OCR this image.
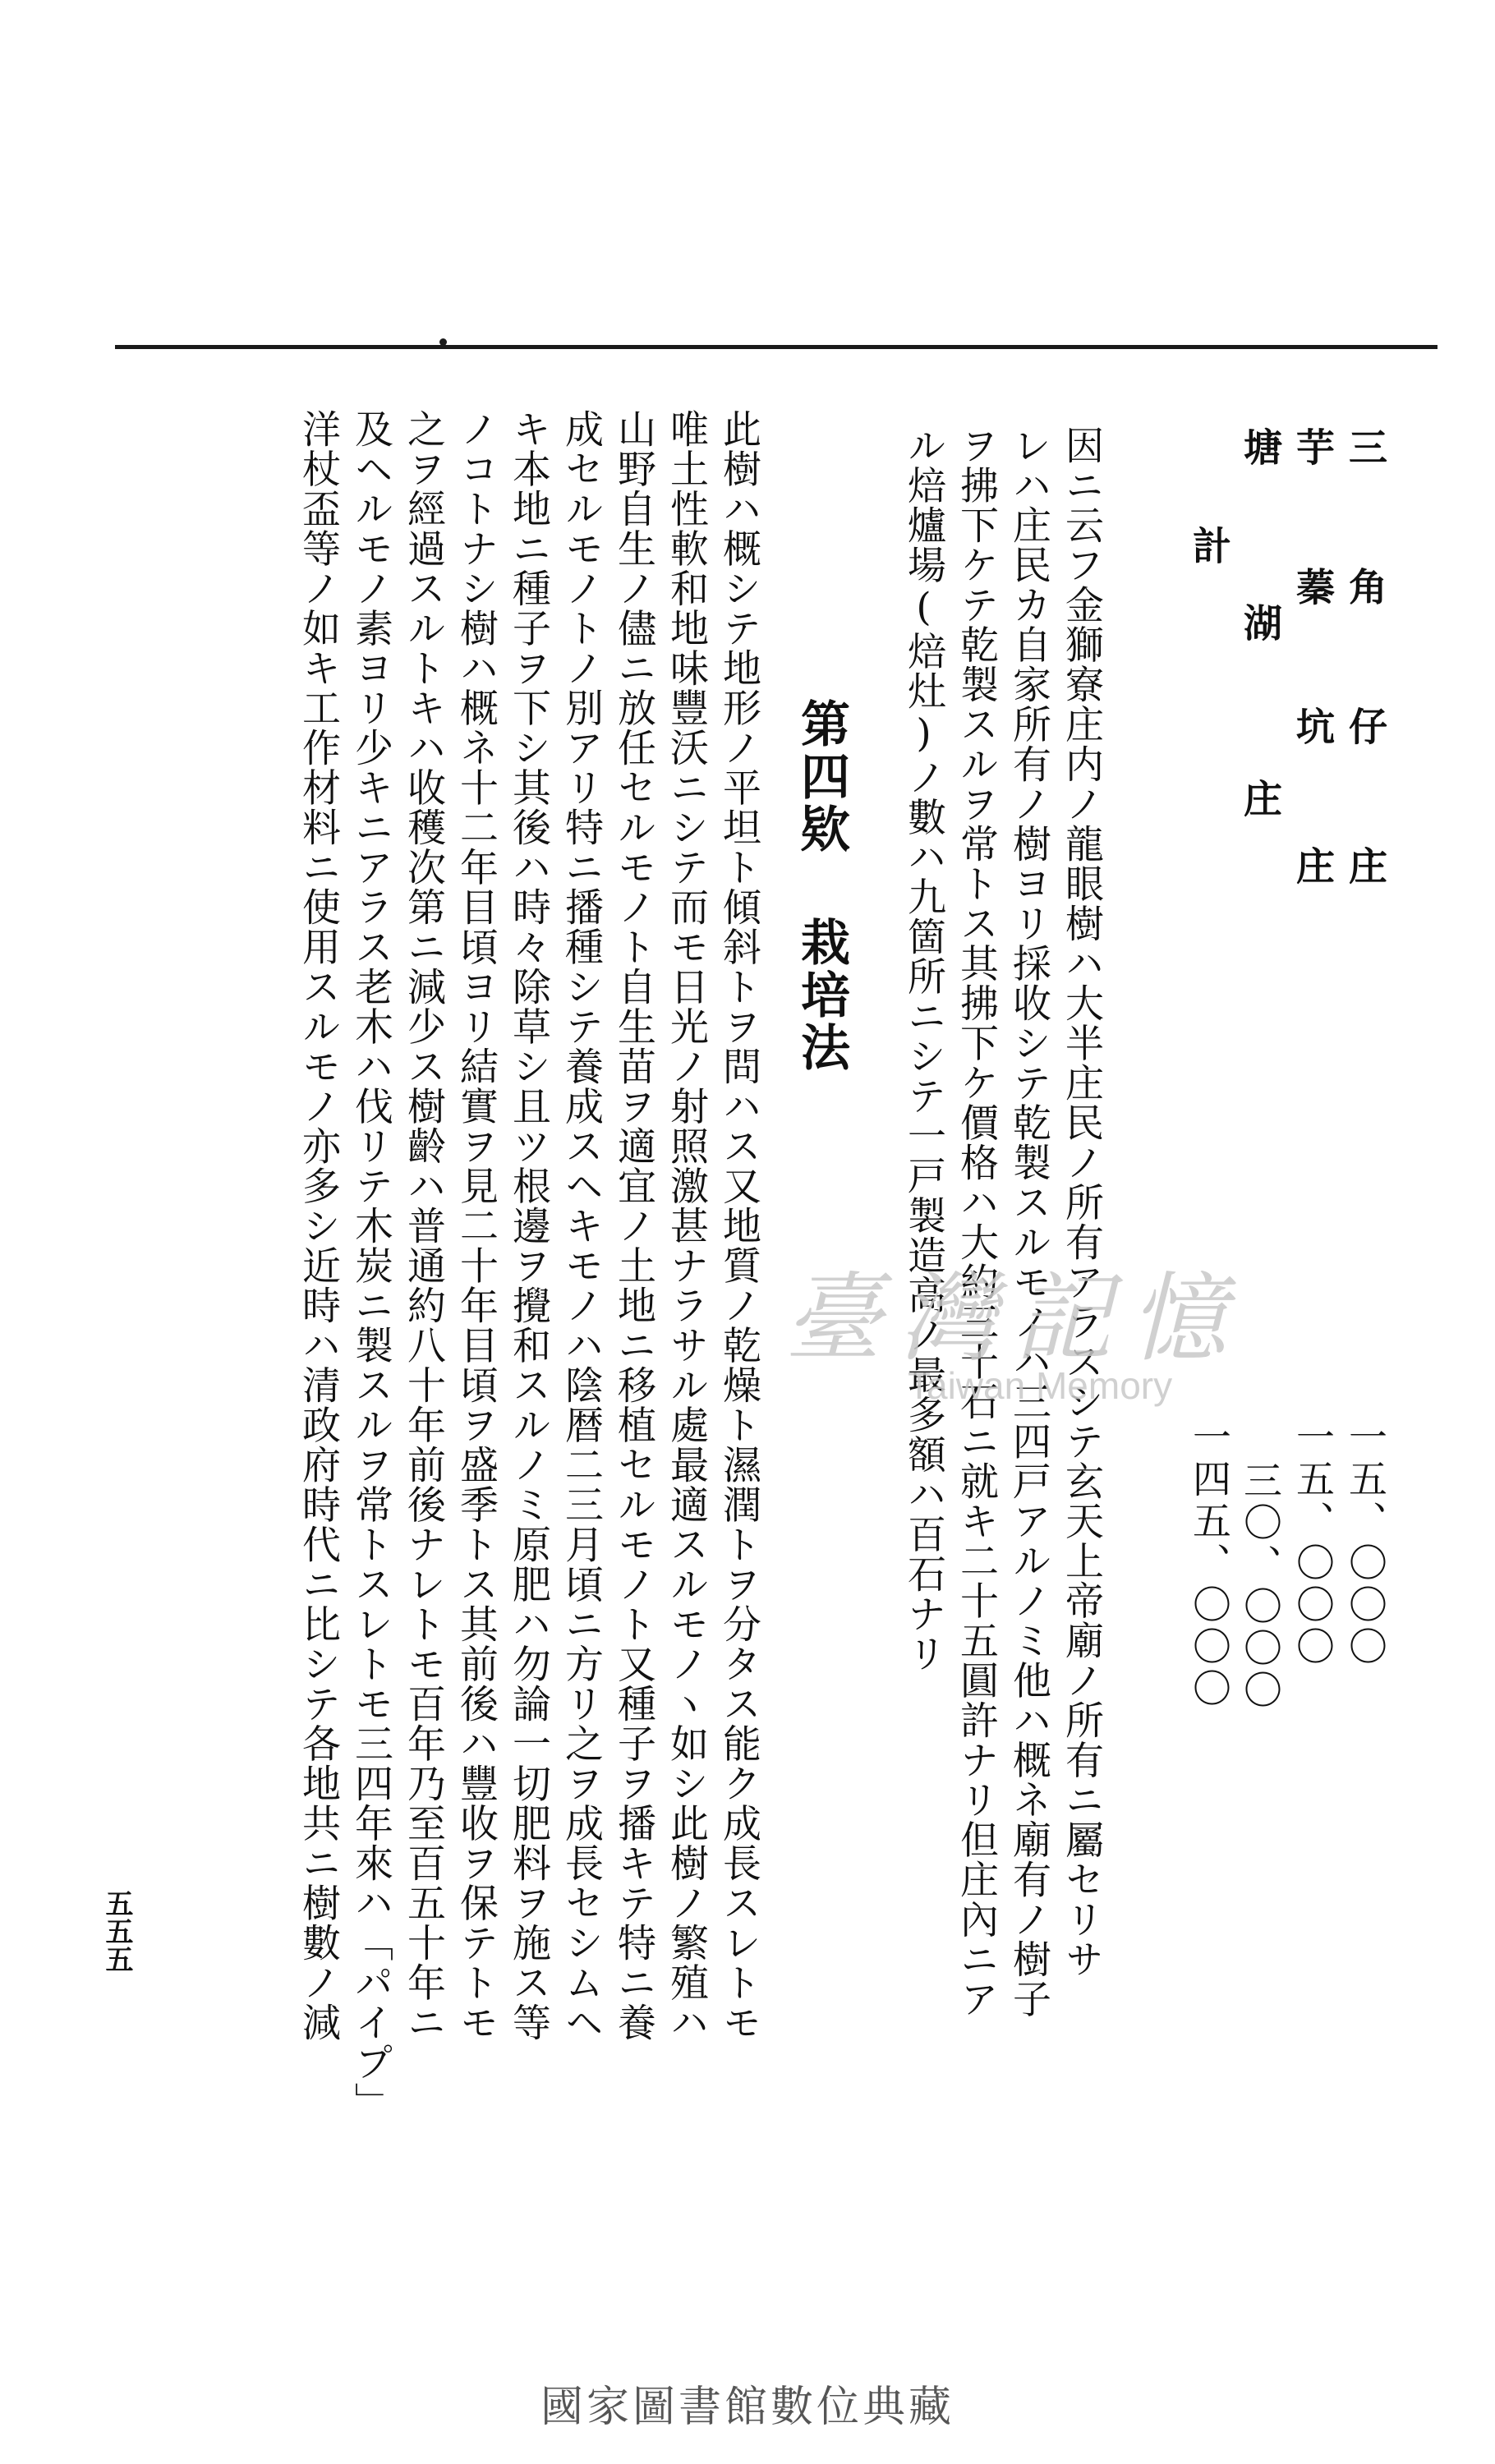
三 角 仔 庄
芋 蓁 坑 庄
塘 湖 庄
計
一五、〇〇〇
一五、〇〇〇
三〇、〇〇〇
一四五、〇〇〇
因ニ云フ金獅寮庄内ノ龍眼樹ハ大半庄民ノ所有アラスシテ玄天上帝廟ノ所有ニ屬セリサ
レハ庄民カ自家所有ノ樹ヨリ採收シテ乾製スルモノハ三四戸アルノミ他ハ概ネ廟有ノ樹子
ヲ拂下ケテ乾製スルヲ常トス其拂下ケ價格ハ大約三十石ニ就キ二十五圓許ナリ但庄內ニア
ル焙爐場(焙灶)ノ數ハ九箇所ニシテ一戸製造高ノ最多額ハ百石ナリ
第四欵 栽培法
此樹ハ概シテ地形ノ平坦ト傾斜トヲ問ハス又地質ノ乾燥ト濕潤トヲ分タス能ク成長スレトモ
唯土性軟和地味豐沃ニシテ而モ日光ノ射照激甚ナラサル處最適スルモノヽ如シ此樹ノ繁殖ハ
山野自生ノ儘ニ放任セルモノト自生苗ヲ適宜ノ土地ニ移植セルモノト又種子ヲ播キテ特ニ養
成セルモノトノ別アリ特ニ播種シテ養成スヘキモノハ陰暦二三月頃ニ方リ之ヲ成長セシムヘ
キ本地ニ種子ヲ下シ其後ハ時々除草シ且ツ根邊ヲ攪和スルノミ原肥ハ勿論一切肥料ヲ施ス等
ノコトナシ樹ハ概ネ十二年目頃ヨリ結實ヲ見二十年目頃ヲ盛季トス其前後ハ豐收ヲ保テトモ
之ヲ經過スルトキハ收穫次第ニ減少ス樹齡ハ普通約八十年前後ナレトモ百年乃至百五十年ニ
及ヘルモノ素ヨリ少キニアラス老木ハ伐リテ木炭ニ製スルヲ常トスレトモ三四年來ハ「パイプ」
洋杖盃等ノ如キ工作材料ニ使用スルモノ亦多シ近時ハ清政府時代ニ比シテ各地共ニ樹數ノ減
五五五
臺灣記憶
Taiwan Memory
國家圖書館數位典藏
